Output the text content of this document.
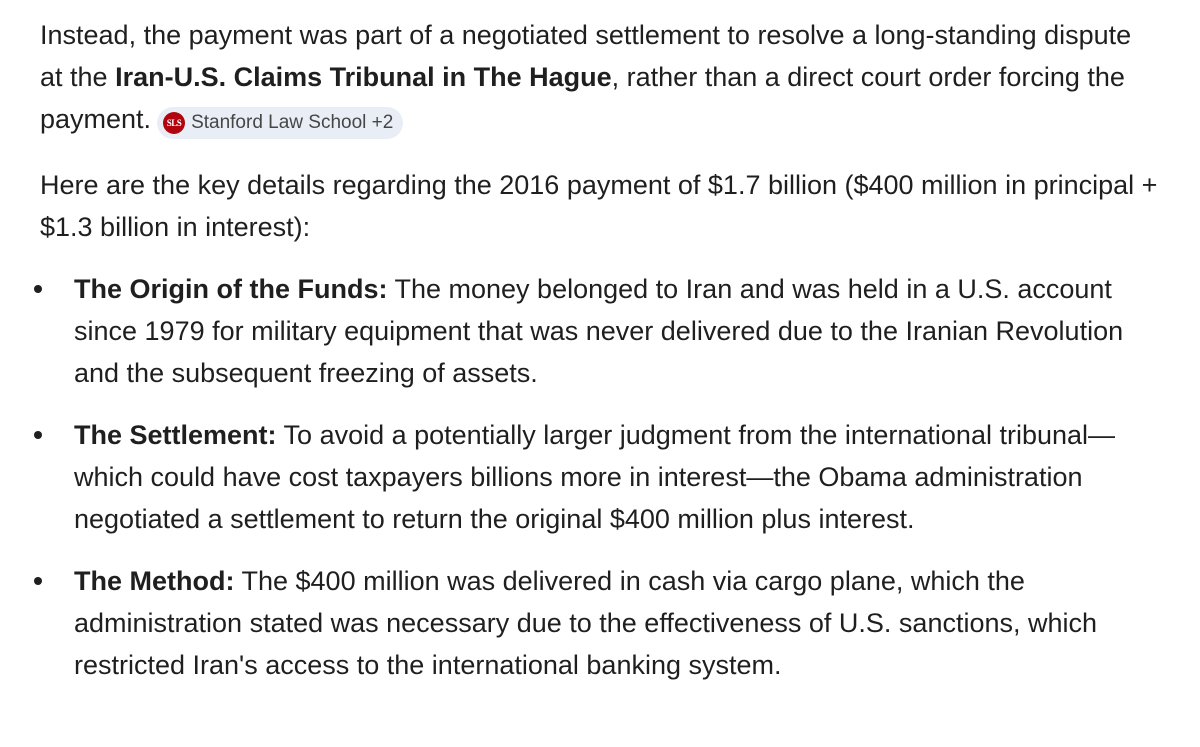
Instead, the payment was part of a negotiated settlement to resolve a long-standing dispute at the Iran-U.S. Claims Tribunal in The Hague, rather than a direct court order forcing the payment.	SLS Stanford Law School +2

Here are the key details regarding the 2016 payment of $1.7 billion ($400 million in principal + $1.3 billion in interest):

The Origin of the Funds: The money belonged to Iran and was held in a U.S. account since 1979 for military equipment that was never delivered due to the Iranian Revolution and the subsequent freezing of assets.
The Settlement: To avoid a potentially larger judgment from the international tribunal—which could have cost taxpayers billions more in interest—the Obama administration negotiated a settlement to return the original $400 million plus interest.
The Method: The $400 million was delivered in cash via cargo plane, which the administration stated was necessary due to the effectiveness of U.S. sanctions, which restricted Iran's access to the international banking system.
